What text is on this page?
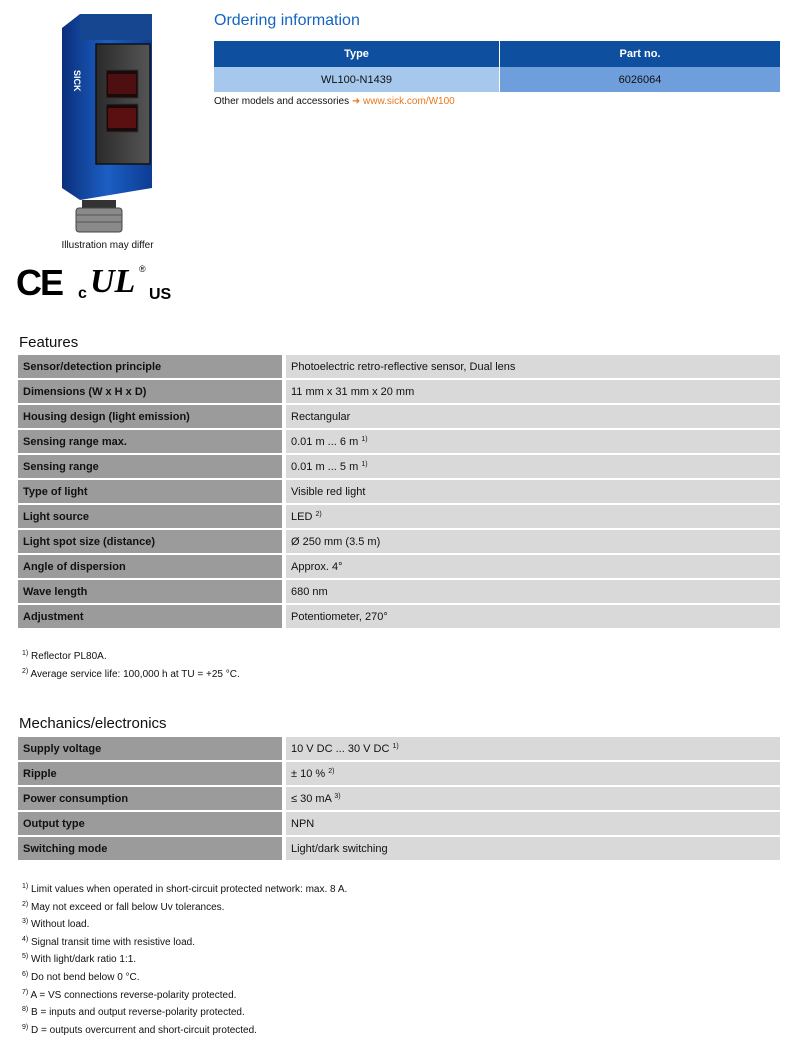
SICK
Illustration may differ
CE c UL ®
US
Ordering information
Type	Part no.
WL100-N1439	6026064
Other models and accessories ➜ www.sick.com/W100
Features
Sensor/detection principle	Photoelectric retro-reflective sensor, Dual lens
Dimensions (W x H x D)	11 mm x 31 mm x 20 mm
Housing design (light emission)	Rectangular
Sensing range max.	0.01 m ... 6 m $^{1)}$
Sensing range	0.01 m ... 5 m $^{1)}$
Type of light	Visible red light
Light source	LED $^{2)}$
Light spot size (distance)	Ø 250 mm (3.5 m)
Angle of dispersion	Approx. 4°
Wave length	680 nm
Adjustment	Potentiometer, 270°
$^{1)}$ Reflector PL80A.
$^{2)}$ Average service life: 100,000 h at TU = +25 °C.
Mechanics/electronics
Supply voltage	10 V DC ... 30 V DC $^{1)}$
Ripple	± 10 % $^{2)}$
Power consumption	≤ 30 mA $^{3)}$
Output type	NPN
Switching mode	Light/dark switching
$^{1)}$ Limit values when operated in short-circuit protected network: max. 8 A.
$^{2)}$ May not exceed or fall below Uv tolerances.
$^{3)}$ Without load.
$^{4)}$ Signal transit time with resistive load.
$^{5)}$ With light/dark ratio 1:1.
$^{6)}$ Do not bend below 0 °C.
$^{7)}$ A = VS connections reverse-polarity protected.
$^{8)}$ B = inputs and output reverse-polarity protected.
$^{9)}$ D = outputs overcurrent and short-circuit protected.
